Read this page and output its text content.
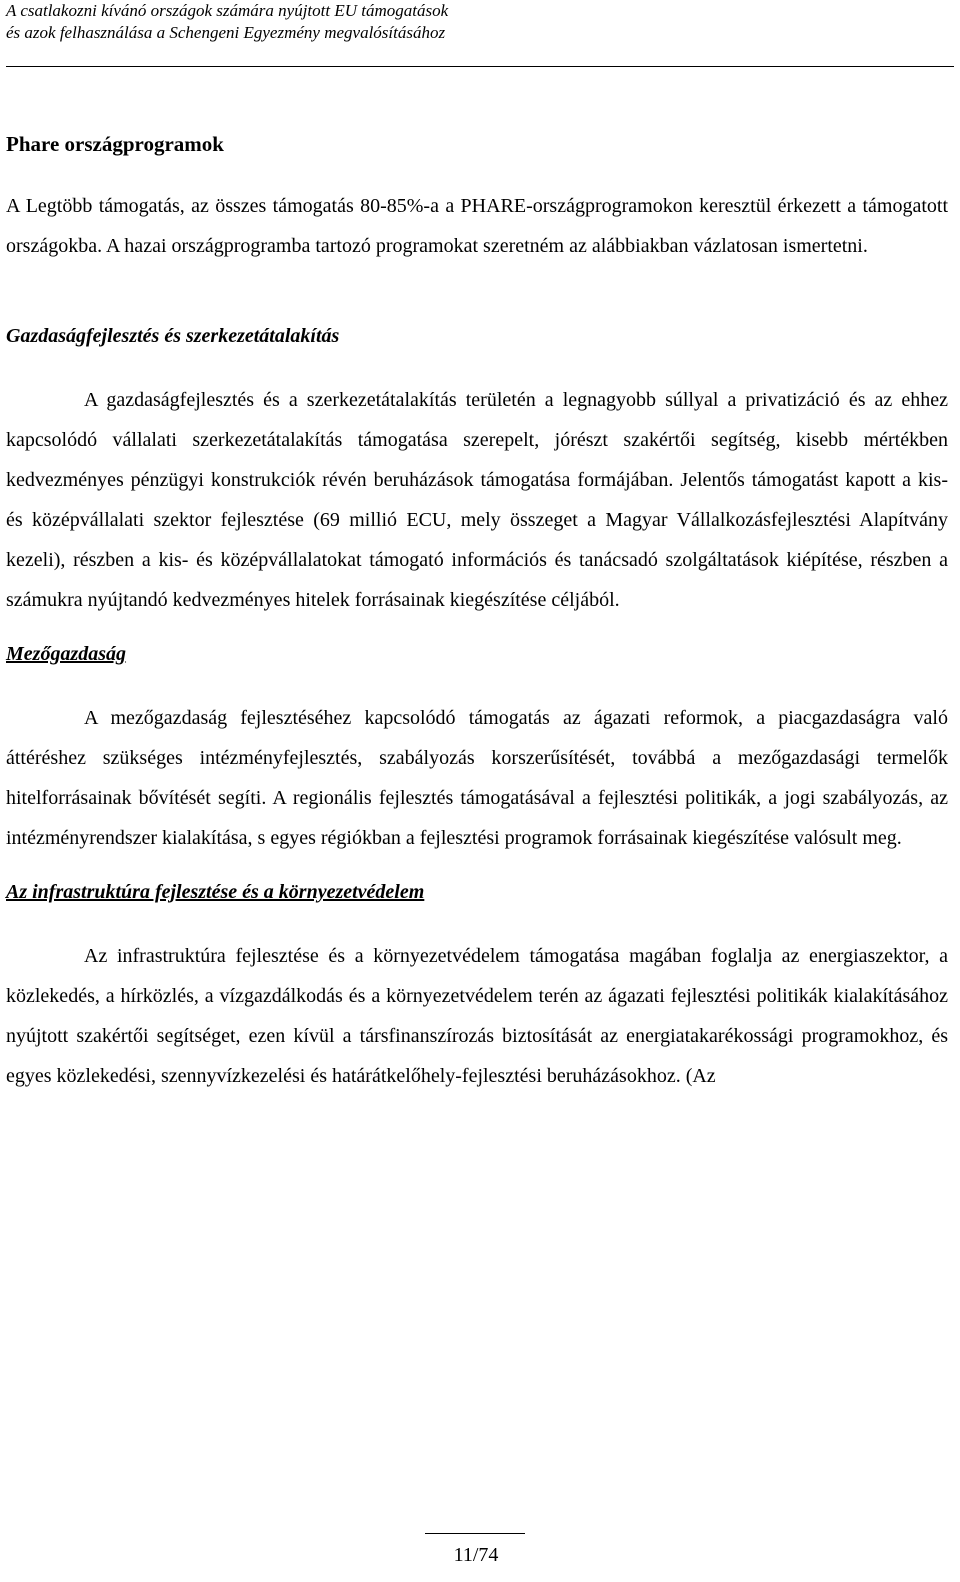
A csatlakozni kívánó országok számára nyújtott EU támogatások
és azok felhasználása a Schengeni Egyezmény megvalósításához
Phare országprogramok

A Legtöbb támogatás, az összes támogatás 80-85%-a a PHARE-országprogramokon keresztül érkezett a támogatott országokba. A hazai országprogramba tartozó programokat szeretném az alábbiakban vázlatosan ismertetni.

Gazdaságfejlesztés és szerkezetátalakítás

A gazdaságfejlesztés és a szerkezetátalakítás területén a legnagyobb súllyal a privatizáció és az ehhez kapcsolódó vállalati szerkezetátalakítás támogatása szerepelt, jórészt szakértői segítség, kisebb mértékben kedvezményes pénzügyi konstrukciók révén beruházások támogatása formájában. Jelentős támogatást kapott a kis- és középvállalati szektor fejlesztése (69 millió ECU, mely összeget a Magyar Vállalkozásfejlesztési Alapítvány kezeli), részben a kis- és középvállalatokat támogató információs és tanácsadó szolgáltatások kiépítése, részben a számukra nyújtandó kedvezményes hitelek forrásainak kiegészítése céljából.

Mezőgazdaság

A mezőgazdaság fejlesztéséhez kapcsolódó támogatás az ágazati reformok, a piacgazdaságra való áttéréshez szükséges intézményfejlesztés, szabályozás korszerűsítését, továbbá a mezőgazdasági termelők hitelforrásainak bővítését segíti. A regionális fejlesztés támogatásával a fejlesztési politikák, a jogi szabályozás, az intézményrendszer kialakítása, s egyes régiókban a fejlesztési programok forrásainak kiegészítése valósult meg.

Az infrastruktúra fejlesztése és a környezetvédelem

Az infrastruktúra fejlesztése és a környezetvédelem támogatása magában foglalja az energiaszektor, a közlekedés, a hírközlés, a vízgazdálkodás és a környezetvédelem terén az ágazati fejlesztési politikák kialakításához nyújtott szakértői segítséget, ezen kívül a társfinanszírozás biztosítását az energiatakarékossági programokhoz, és egyes közlekedési, szennyvízkezelési és határátkelőhely-fejlesztési beruházásokhoz. (Az

11/74
